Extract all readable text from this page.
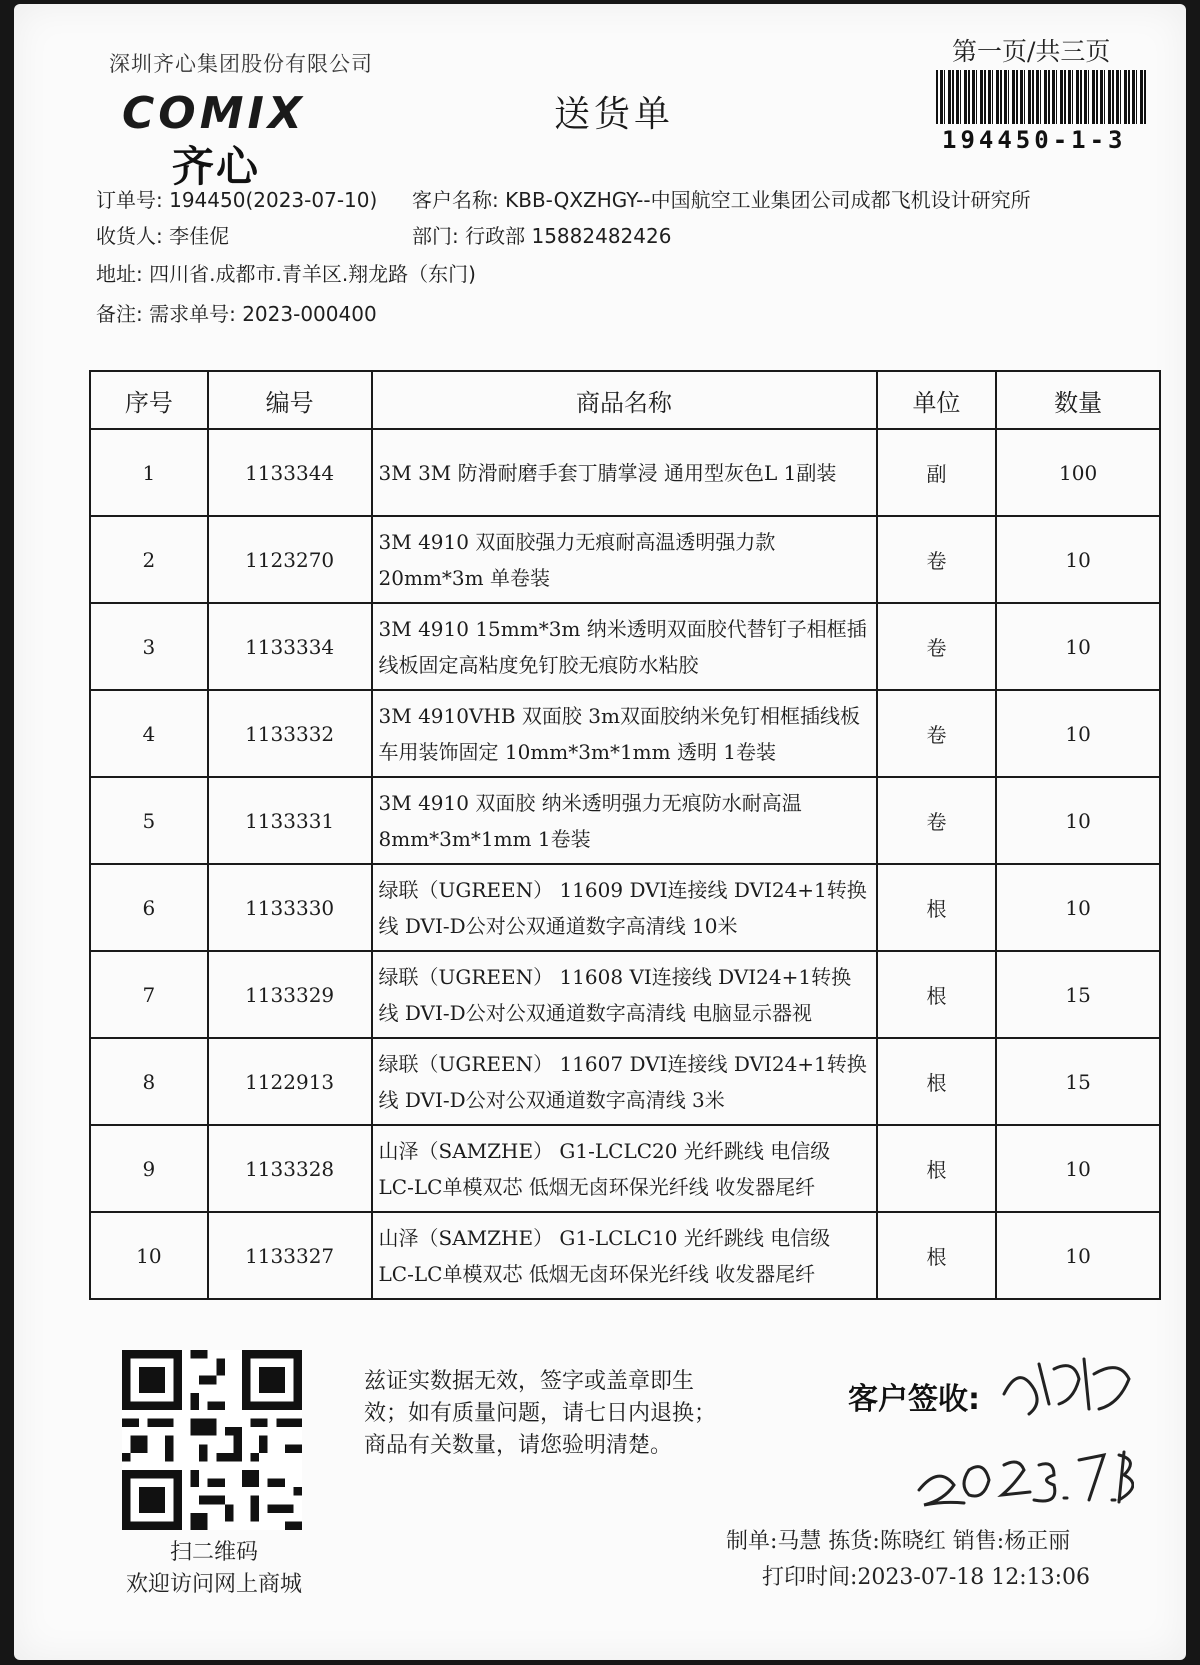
深圳齐心集团股份有限公司
COMIX
齐心
送货单
第一页/共三页
194450-1-3
订单号: 194450(2023-07-10) 客户名称: KBB-QXZHGY--中国航空工业集团公司成都飞机设计研究所
收货人: 李佳伲	部门: 行政部 15882482426
地址: 四川省.成都市.青羊区.翔龙路（东门)
备注: 需求单号: 2023-000400
序号	编号	商品名称	单位	数量
1	1133344	3M 3M 防滑耐磨手套丁腈掌浸 通用型灰色L 1副装	副	100
2	1123270	3M 4910 双面胶强力无痕耐高温透明强力款 20mm*3m 单卷装	卷	10
3	1133334	3M 4910 15mm*3m 纳米透明双面胶代替钉子相框插线板固定高粘度免钉胶无痕防水粘胶	卷	10
4	1133332	3M 4910VHB 双面胶 3m双面胶纳米免钉相框插线板车用装饰固定 10mm*3m*1mm 透明 1卷装	卷	10
5	1133331	3M 4910 双面胶 纳米透明强力无痕防水耐高温 8mm*3m*1mm 1卷装	卷	10
6	1133330	绿联（UGREEN） 11609 DVI连接线 DVI24+1转换线 DVI-D公对公双通道数字高清线 10米	根	10
7	1133329	绿联（UGREEN） 11608 VI连接线 DVI24+1转换线 DVI-D公对公双通道数字高清线 电脑显示器视	根	15
8	1122913	绿联（UGREEN） 11607 DVI连接线 DVI24+1转换线 DVI-D公对公双通道数字高清线 3米	根	15
9	1133328	山泽（SAMZHE） G1-LCLC20 光纤跳线 电信级 LC-LC单模双芯 低烟无卤环保光纤线 收发器尾纤	根	10
10	1133327	山泽（SAMZHE） G1-LCLC10 光纤跳线 电信级 LC-LC单模双芯 低烟无卤环保光纤线 收发器尾纤	根	10
扫二维码
欢迎访问网上商城
兹证实数据无效，签字或盖章即生
效；如有质量问题，请七日内退换；
商品有关数量，请您验明清楚。
客户签收:
制单:马慧 拣货:陈晓红 销售:杨正丽
打印时间:2023-07-18 12:13:06
